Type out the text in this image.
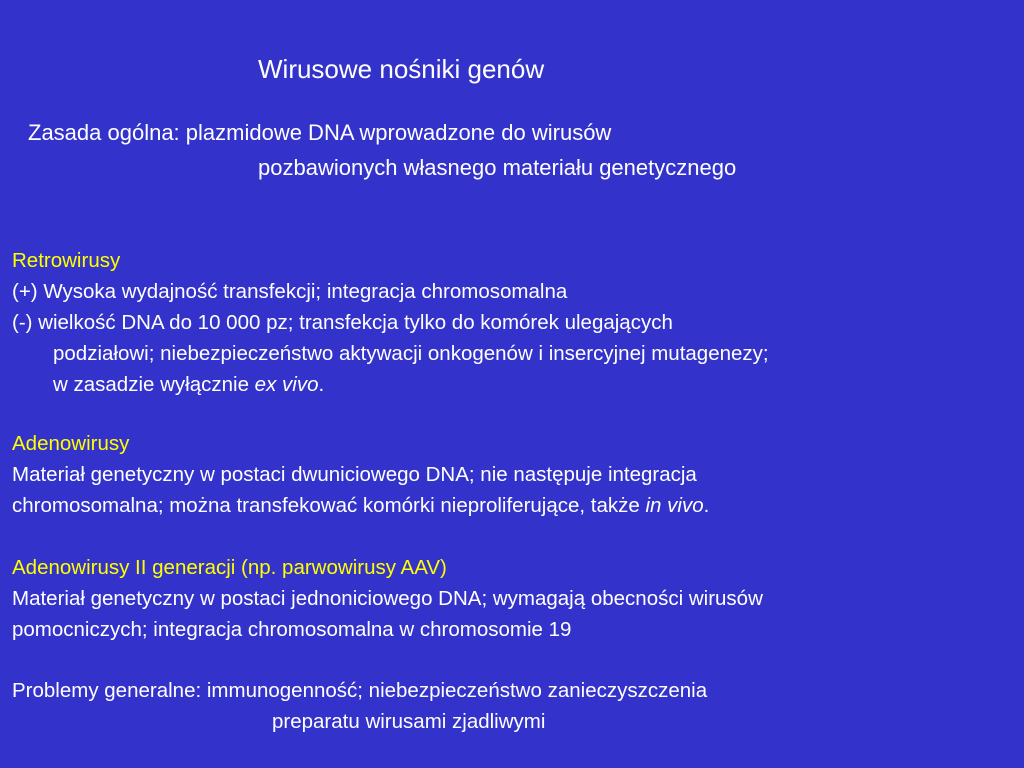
Wirusowe nośniki genów
Zasada ogólna: plazmidowe DNA wprowadzone do wirusów
pozbawionych własnego materiału genetycznego
Retrowirusy
(+) Wysoka wydajność transfekcji; integracja chromosomalna
(-) wielkość DNA do 10 000 pz; transfekcja tylko do komórek ulegających
podziałowi; niebezpieczeństwo aktywacji onkogenów i insercyjnej mutagenezy;
w zasadzie wyłącznie ex vivo.
Adenowirusy
Materiał genetyczny w postaci dwuniciowego DNA; nie następuje integracja
chromosomalna; można transfekować komórki nieproliferujące, także in vivo.
Adenowirusy II generacji (np. parwowirusy AAV)
Materiał genetyczny w postaci jednoniciowego DNA; wymagają obecności wirusów
pomocniczych; integracja chromosomalna w chromosomie 19
Problemy generalne: immunogenność; niebezpieczeństwo zanieczyszczenia
preparatu wirusami zjadliwymi
